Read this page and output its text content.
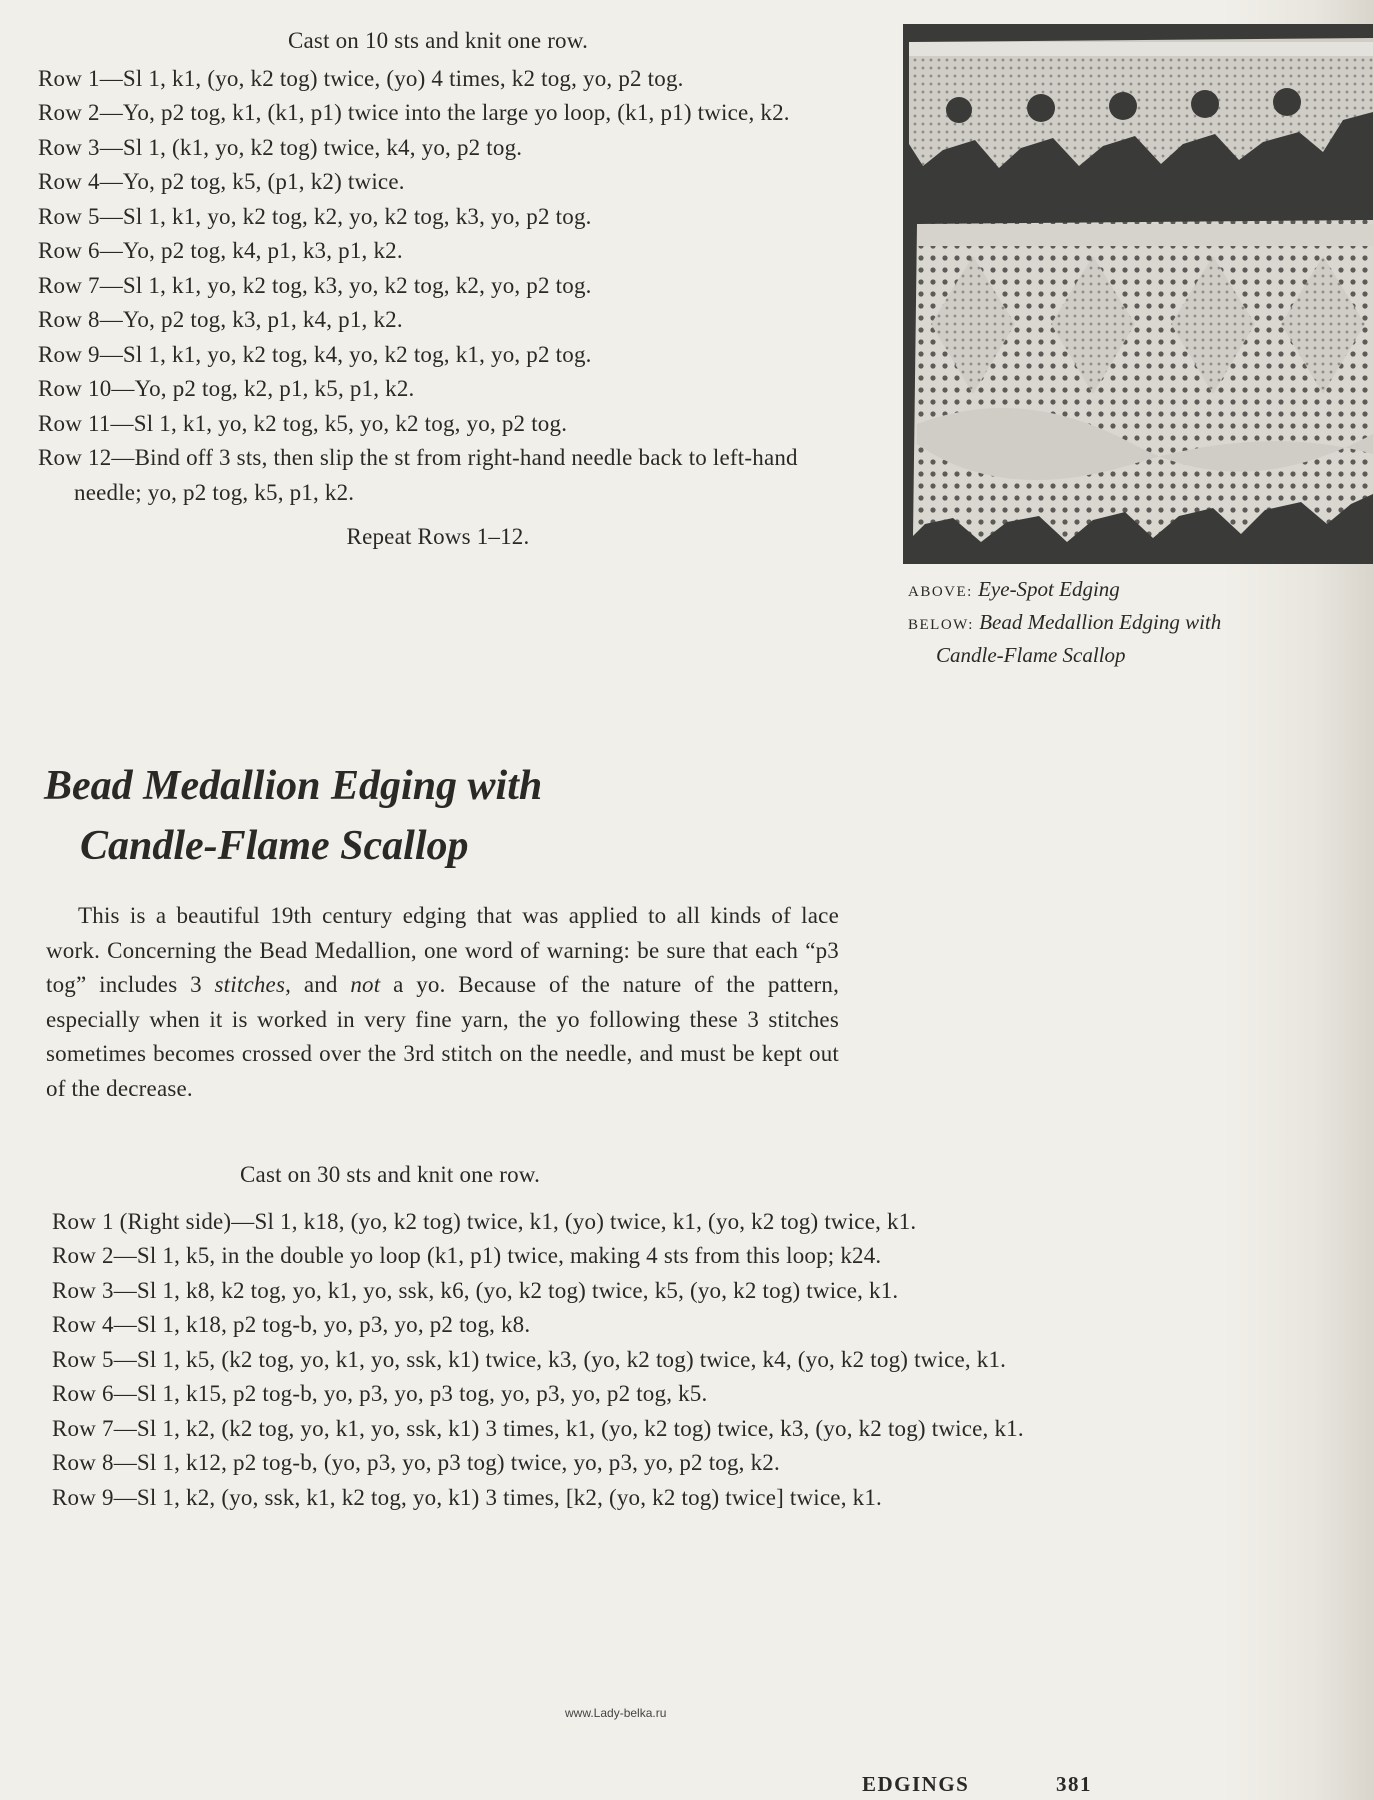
Cast on 10 sts and knit one row.
Row 1—Sl 1, k1, (yo, k2 tog) twice, (yo) 4 times, k2 tog, yo, p2 tog.
Row 2—Yo, p2 tog, k1, (k1, p1) twice into the large yo loop, (k1, p1) twice, k2.
Row 3—Sl 1, (k1, yo, k2 tog) twice, k4, yo, p2 tog.
Row 4—Yo, p2 tog, k5, (p1, k2) twice.
Row 5—Sl 1, k1, yo, k2 tog, k2, yo, k2 tog, k3, yo, p2 tog.
Row 6—Yo, p2 tog, k4, p1, k3, p1, k2.
Row 7—Sl 1, k1, yo, k2 tog, k3, yo, k2 tog, k2, yo, p2 tog.
Row 8—Yo, p2 tog, k3, p1, k4, p1, k2.
Row 9—Sl 1, k1, yo, k2 tog, k4, yo, k2 tog, k1, yo, p2 tog.
Row 10—Yo, p2 tog, k2, p1, k5, p1, k2.
Row 11—Sl 1, k1, yo, k2 tog, k5, yo, k2 tog, yo, p2 tog.
Row 12—Bind off 3 sts, then slip the st from right-hand needle back to left-hand needle; yo, p2 tog, k5, p1, k2.
Repeat Rows 1–12.
ABOVE: Eye-Spot Edging
BELOW: Bead Medallion Edging with
Candle-Flame Scallop
Bead Medallion Edging with
Candle-Flame Scallop
This is a beautiful 19th century edging that was applied to all kinds of lace work. Concerning the Bead Medallion, one word of warning: be sure that each “p3 tog” includes 3 stitches, and not a yo. Because of the nature of the pattern, especially when it is worked in very fine yarn, the yo following these 3 stitches sometimes becomes crossed over the 3rd stitch on the needle, and must be kept out of the decrease.
Cast on 30 sts and knit one row.
Row 1 (Right side)—Sl 1, k18, (yo, k2 tog) twice, k1, (yo) twice, k1, (yo, k2 tog) twice, k1.
Row 2—Sl 1, k5, in the double yo loop (k1, p1) twice, making 4 sts from this loop; k24.
Row 3—Sl 1, k8, k2 tog, yo, k1, yo, ssk, k6, (yo, k2 tog) twice, k5, (yo, k2 tog) twice, k1.
Row 4—Sl 1, k18, p2 tog-b, yo, p3, yo, p2 tog, k8.
Row 5—Sl 1, k5, (k2 tog, yo, k1, yo, ssk, k1) twice, k3, (yo, k2 tog) twice, k4, (yo, k2 tog) twice, k1.
Row 6—Sl 1, k15, p2 tog-b, yo, p3, yo, p3 tog, yo, p3, yo, p2 tog, k5.
Row 7—Sl 1, k2, (k2 tog, yo, k1, yo, ssk, k1) 3 times, k1, (yo, k2 tog) twice, k3, (yo, k2 tog) twice, k1.
Row 8—Sl 1, k12, p2 tog-b, (yo, p3, yo, p3 tog) twice, yo, p3, yo, p2 tog, k2.
Row 9—Sl 1, k2, (yo, ssk, k1, k2 tog, yo, k1) 3 times, [k2, (yo, k2 tog) twice] twice, k1.
www.Lady-belka.ru
EDGINGS	381
